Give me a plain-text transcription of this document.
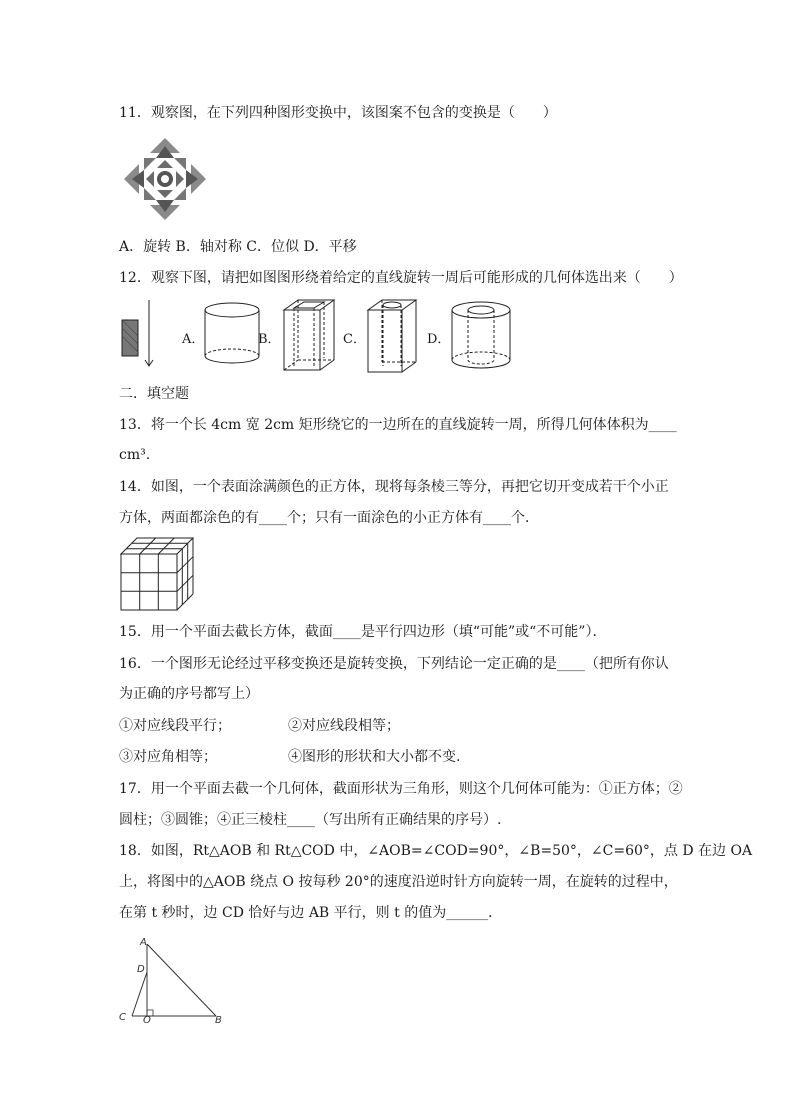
11．观察图，在下列四种图形变换中，该图案不包含的变换是（　　）
A．旋转 B．轴对称 C．位似 D．平移
12．观察下图，请把如图图形绕着给定的直线旋转一周后可能形成的几何体选出来（　　）
A．	B．	C．	D．
二．填空题
13．将一个长 4cm 宽 2cm 矩形绕它的一边所在的直线旋转一周，所得几何体体积为____
cm³.
14．如图，一个表面涂满颜色的正方体，现将每条棱三等分，再把它切开变成若干个小正
方体，两面都涂色的有____个；只有一面涂色的小正方体有____个．
15．用一个平面去截长方体，截面____是平行四边形（填“可能”或“不可能”）．
16．一个图形无论经过平移变换还是旋转变换，下列结论一定正确的是____（把所有你认
为正确的序号都写上）
①对应线段平行；	②对应线段相等；
③对应角相等；	④图形的形状和大小都不变.
17．用一个平面去截一个几何体，截面形状为三角形，则这个几何体可能为：①正方体；②
圆柱；③圆锥；④正三棱柱____（写出所有正确结果的序号）.
18．如图，Rt△AOB 和 Rt△COD 中，∠AOB=∠COD=90°，∠B=50°，∠C=60°，点 D 在边 OA
上，将图中的△AOB 绕点 O 按每秒 20°的速度沿逆时针方向旋转一周，在旋转的过程中，
在第 t 秒时，边 CD 恰好与边 AB 平行，则 t 的值为______．
A
D
C O	B
